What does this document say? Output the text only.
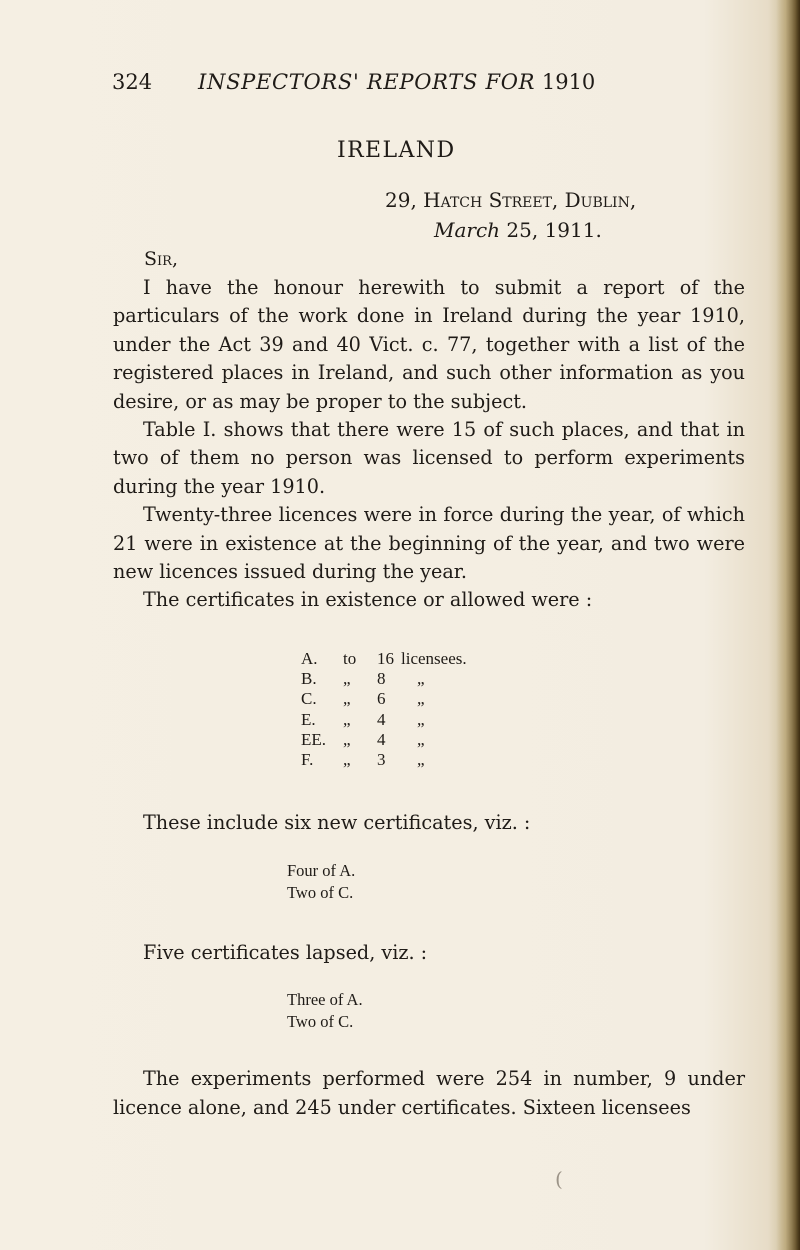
324 INSPECTORS' REPORTS FOR 1910
IRELAND
29, Hatch Street, Dublin,
March 25, 1911.
Sir,

I have the honour herewith to submit a report of the particulars of the work done in Ireland during the year 1910, under the Act 39 and 40 Vict. c. 77, together with a list of the registered places in Ireland, and such other information as you desire, or as may be proper to the subject.

Table I. shows that there were 15 of such places, and that in two of them no person was licensed to perform experiments during the year 1910.

Twenty-three licences were in force during the year, of which 21 were in existence at the beginning of the year, and two were new licences issued during the year.

The certificates in existence or allowed were :

A.	to	16 licensees.
B.	„	8	„
C.	„	6	„
E.	„	4	„
EE. „	4	„
F.	„	3	„
These include six new certificates, viz. :
Four of A.
Two of C.
Five certificates lapsed, viz. :
Three of A.
Two of C.

The experiments performed were 254 in number, 9 under licence alone, and 245 under certificates. Sixteen licensees

(
